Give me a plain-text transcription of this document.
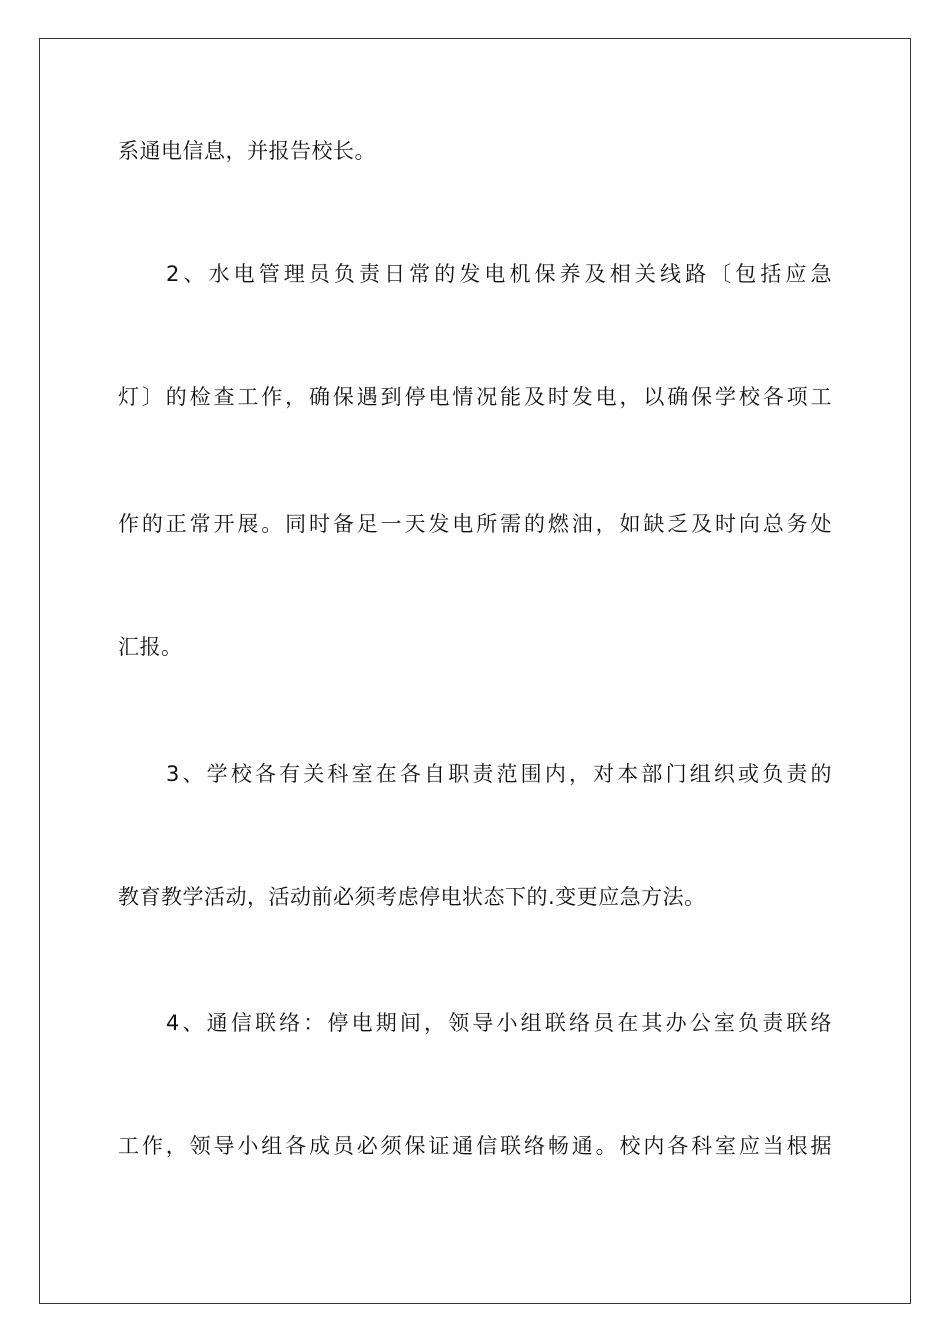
系通电信息，并报告校长。
2、水电管理员负责日常的发电机保养及相关线路〔包括应急
灯〕的检查工作，确保遇到停电情况能及时发电，以确保学校各项工
作的正常开展。同时备足一天发电所需的燃油，如缺乏及时向总务处
汇报。
3、学校各有关科室在各自职责范围内，对本部门组织或负责的
教育教学活动，活动前必须考虑停电状态下的.变更应急方法。
4、通信联络：停电期间，领导小组联络员在其办公室负责联络
工作，领导小组各成员必须保证通信联络畅通。校内各科室应当根据
